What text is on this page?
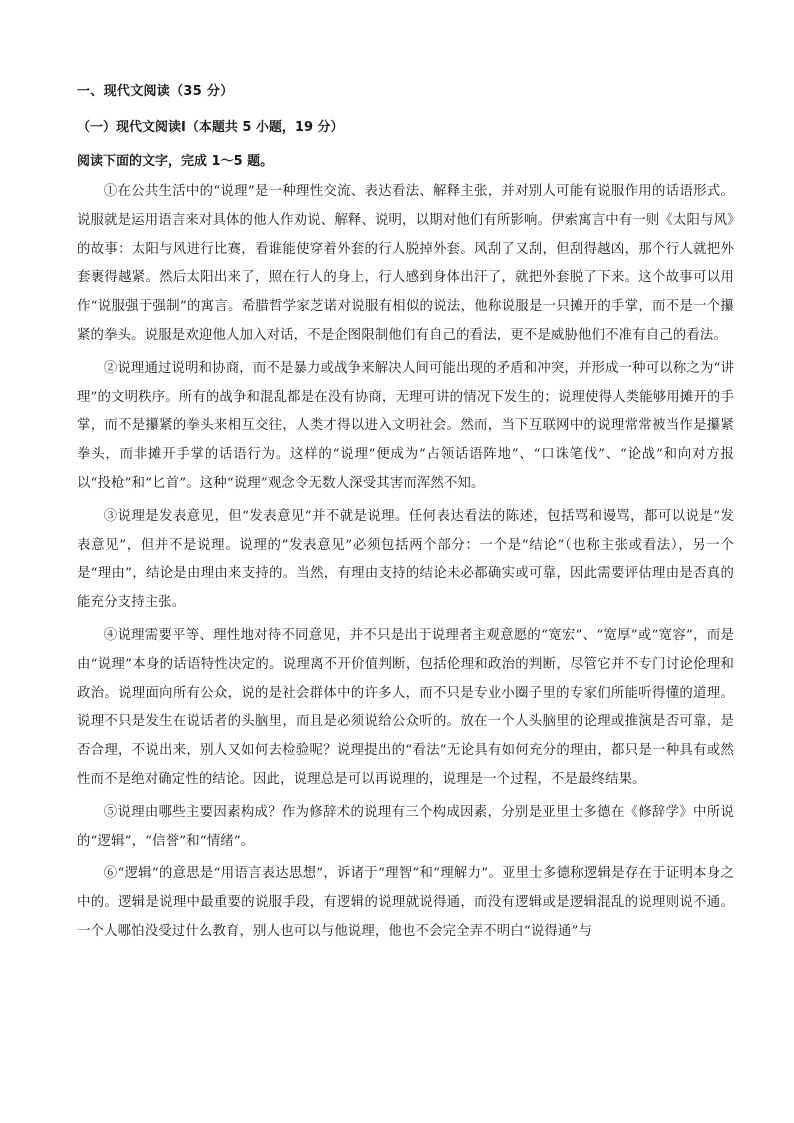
一、现代文阅读（35 分）
（一）现代文阅读Ⅰ（本题共 5 小题，19 分）
阅读下面的文字，完成 1～5 题。

①在公共生活中的“说理”是一种理性交流、表达看法、解释主张，并对别人可能有说服作用的话语形式。说服就是运用语言来对具体的他人作劝说、解释、说明，以期对他们有所影响。伊索寓言中有一则《太阳与风》的故事：太阳与风进行比赛，看谁能使穿着外套的行人脱掉外套。风刮了又刮，但刮得越凶，那个行人就把外套裹得越紧。然后太阳出来了，照在行人的身上，行人感到身体出汗了，就把外套脱了下来。这个故事可以用作“说服强于强制”的寓言。希腊哲学家芝诺对说服有相似的说法，他称说服是一只摊开的手掌，而不是一个攥紧的拳头。说服是欢迎他人加入对话，不是企图限制他们有自己的看法，更不是威胁他们不准有自己的看法。

②说理通过说明和协商，而不是暴力或战争来解决人间可能出现的矛盾和冲突，并形成一种可以称之为“讲理”的文明秩序。所有的战争和混乱都是在没有协商，无理可讲的情况下发生的；说理使得人类能够用摊开的手掌，而不是攥紧的拳头来相互交往，人类才得以进入文明社会。然而，当下互联网中的说理常常被当作是攥紧拳头，而非摊开手掌的话语行为。这样的“说理”便成为“占领话语阵地”、“口诛笔伐”、“论战”和向对方报以“投枪”和“匕首”。这种“说理”观念令无数人深受其害而浑然不知。

③说理是发表意见，但“发表意见”并不就是说理。任何表达看法的陈述，包括骂和谩骂，都可以说是“发表意见”，但并不是说理。说理的“发表意见”必须包括两个部分：一个是“结论”（也称主张或看法），另一个是“理由”，结论是由理由来支持的。当然，有理由支持的结论未必都确实或可靠，因此需要评估理由是否真的能充分支持主张。

④说理需要平等、理性地对待不同意见，并不只是出于说理者主观意愿的“宽宏”、“宽厚”或“宽容”，而是由“说理”本身的话语特性决定的。说理离不开价值判断，包括伦理和政治的判断，尽管它并不专门讨论伦理和政治。说理面向所有公众，说的是社会群体中的许多人，而不只是专业小圈子里的专家们所能听得懂的道理。说理不只是发生在说话者的头脑里，而且是必须说给公众听的。放在一个人头脑里的论理或推演是否可靠，是否合理，不说出来，别人又如何去检验呢？说理提出的“看法”无论具有如何充分的理由，都只是一种具有或然性而不是绝对确定性的结论。因此，说理总是可以再说理的，说理是一个过程，不是最终结果。

⑤说理由哪些主要因素构成？作为修辞术的说理有三个构成因素，分别是亚里士多德在《修辞学》中所说的“逻辑”，“信誉”和“情绪”。

⑥“逻辑”的意思是“用语言表达思想”，诉诸于“理智”和“理解力”。亚里士多德称逻辑是存在于证明本身之中的。逻辑是说理中最重要的说服手段，有逻辑的说理就说得通，而没有逻辑或是逻辑混乱的说理则说不通。一个人哪怕没受过什么教育，别人也可以与他说理，他也不会完全弄不明白“说得通”与
